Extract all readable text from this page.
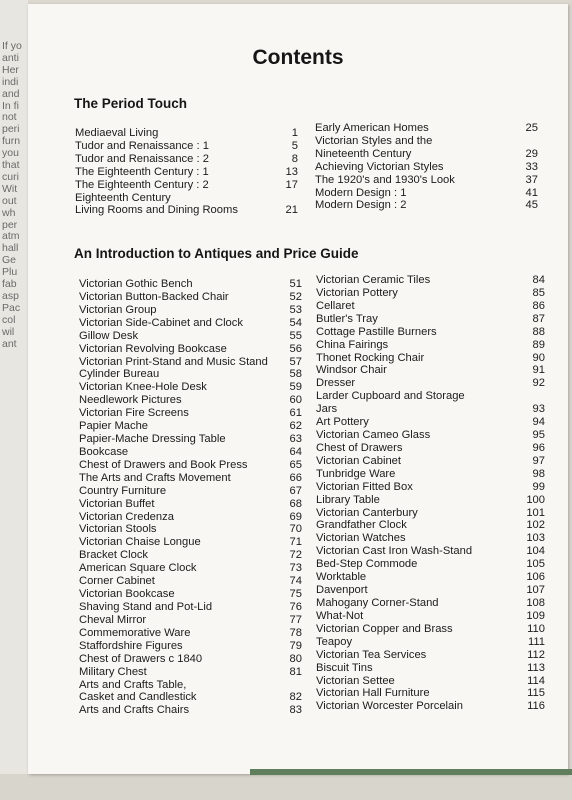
If yo
anti
Her
indi
and
In fi
not
peri
furn
you
that
curi
Wit
out
wh
per
atm
hall
Ge
Plu
fab
asp
Pac
col
wil
ant
Contents
The Period Touch
An Introduction to Antiques and Price Guide
Mediaeval Living	1
Tudor and Renaissance : 1	5
Tudor and Renaissance : 2	8
The Eighteenth Century : 1	13
The Eighteenth Century : 2	17
Eighteenth Century
Living Rooms and Dining Rooms	21
Early American Homes	25
Victorian Styles and the
Nineteenth Century	29
Achieving Victorian Styles	33
The 1920's and 1930's Look	37
Modern Design : 1	41
Modern Design : 2	45
Victorian Gothic Bench	51
Victorian Button-Backed Chair	52
Victorian Group	53
Victorian Side-Cabinet and Clock	54
Gillow Desk	55
Victorian Revolving Bookcase	56
Victorian Print-Stand and Music Stand	57
Cylinder Bureau	58
Victorian Knee-Hole Desk	59
Needlework Pictures	60
Victorian Fire Screens	61
Papier Mache	62
Papier-Mache Dressing Table	63
Bookcase	64
Chest of Drawers and Book Press	65
The Arts and Crafts Movement	66
Country Furniture	67
Victorian Buffet	68
Victorian Credenza	69
Victorian Stools	70
Victorian Chaise Longue	71
Bracket Clock	72
American Square Clock	73
Corner Cabinet	74
Victorian Bookcase	75
Shaving Stand and Pot-Lid	76
Cheval Mirror	77
Commemorative Ware	78
Staffordshire Figures	79
Chest of Drawers c 1840	80
Military Chest	81
Arts and Crafts Table,
Casket and Candlestick	82
Arts and Crafts Chairs	83
Victorian Ceramic Tiles	84
Victorian Pottery	85
Cellaret	86
Butler's Tray	87
Cottage Pastille Burners	88
China Fairings	89
Thonet Rocking Chair	90
Windsor Chair	91
Dresser	92
Larder Cupboard and Storage
Jars	93
Art Pottery	94
Victorian Cameo Glass	95
Chest of Drawers	96
Victorian Cabinet	97
Tunbridge Ware	98
Victorian Fitted Box	99
Library Table	100
Victorian Canterbury	101
Grandfather Clock	102
Victorian Watches	103
Victorian Cast Iron Wash-Stand	104
Bed-Step Commode	105
Worktable	106
Davenport	107
Mahogany Corner-Stand	108
What-Not	109
Victorian Copper and Brass	110
Teapoy	111
Victorian Tea Services	112
Biscuit Tins	113
Victorian Settee	114
Victorian Hall Furniture	115
Victorian Worcester Porcelain	116
